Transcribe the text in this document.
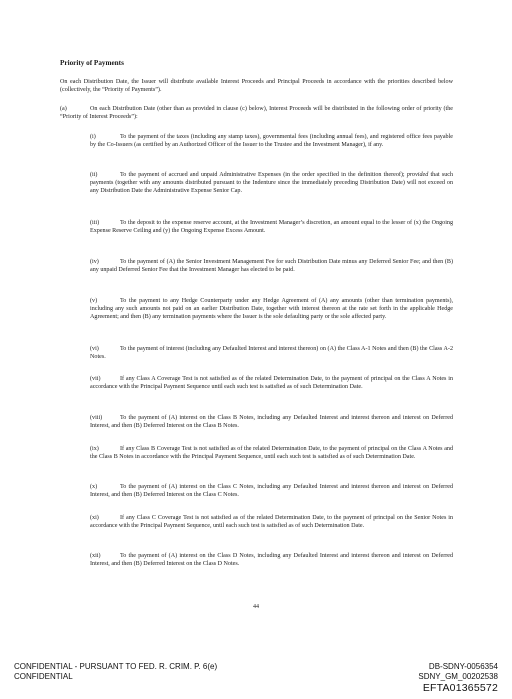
Priority of Payments
On each Distribution Date, the Issuer will distribute available Interest Proceeds and Principal Proceeds in accordance with the priorities described below (collectively, the “Priority of Payments”).
(a)	On each Distribution Date (other than as provided in clause (c) below), Interest Proceeds will be distributed in the following order of priority (the “Priority of Interest Proceeds”):
(i)	To the payment of the taxes (including any stamp taxes), governmental fees (including annual fees), and registered office fees payable by the Co-Issuers (as certified by an Authorized Officer of the Issuer to the Trustee and the Investment Manager), if any.
(ii)	To the payment of accrued and unpaid Administrative Expenses (in the order specified in the definition thereof); provided that such payments (together with any amounts distributed pursuant to the Indenture since the immediately preceding Distribution Date) will not exceed on any Distribution Date the Administrative Expense Senior Cap.
(iii)	To the deposit to the expense reserve account, at the Investment Manager’s discretion, an amount equal to the lesser of (x) the Ongoing Expense Reserve Ceiling and (y) the Ongoing Expense Excess Amount.
(iv)	To the payment of (A) the Senior Investment Management Fee for such Distribution Date minus any Deferred Senior Fee; and then (B) any unpaid Deferred Senior Fee that the Investment Manager has elected to be paid.
(v)	To the payment to any Hedge Counterparty under any Hedge Agreement of (A) any amounts (other than termination payments), including any such amounts not paid on an earlier Distribution Date, together with interest thereon at the rate set forth in the applicable Hedge Agreement; and then (B) any termination payments where the Issuer is the sole defaulting party or the sole affected party.
(vi)	To the payment of interest (including any Defaulted Interest and interest thereon) on (A) the Class A-1 Notes and then (B) the Class A-2 Notes.
(vii)	If any Class A Coverage Test is not satisfied as of the related Determination Date, to the payment of principal on the Class A Notes in accordance with the Principal Payment Sequence until each such test is satisfied as of such Determination Date.
(viii)	To the payment of (A) interest on the Class B Notes, including any Defaulted Interest and interest thereon and interest on Deferred Interest, and then (B) Deferred Interest on the Class B Notes.
(ix)	If any Class B Coverage Test is not satisfied as of the related Determination Date, to the payment of principal on the Class A Notes and the Class B Notes in accordance with the Principal Payment Sequence, until each such test is satisfied as of such Determination Date.
(x)	To the payment of (A) interest on the Class C Notes, including any Defaulted Interest and interest thereon and interest on Deferred Interest, and then (B) Deferred Interest on the Class C Notes.
(xi)	If any Class C Coverage Test is not satisfied as of the related Determination Date, to the payment of principal on the Senior Notes in accordance with the Principal Payment Sequence, until each such test is satisfied as of such Determination Date.
(xii)	To the payment of (A) interest on the Class D Notes, including any Defaulted Interest and interest thereon and interest on Deferred Interest, and then (B) Deferred Interest on the Class D Notes.
44
CONFIDENTIAL - PURSUANT TO FED. R. CRIM. P. 6(e)
CONFIDENTIAL
DB-SDNY-0056354
SDNY_GM_00202538
EFTA01365572
